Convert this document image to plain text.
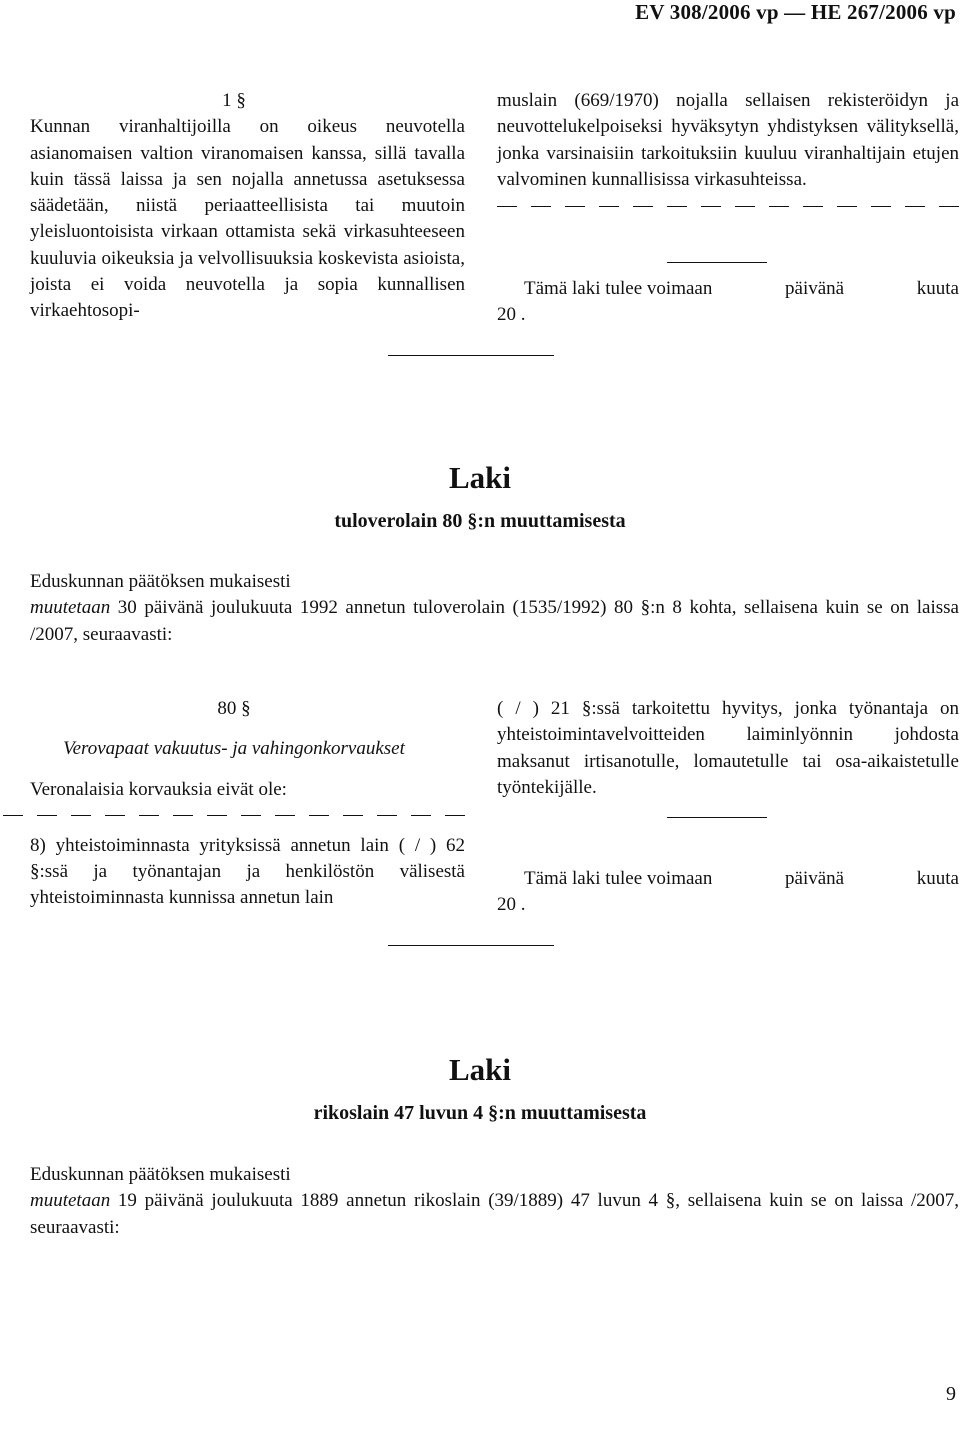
EV 308/2006 vp — HE 267/2006 vp
1 §
Kunnan viranhaltijoilla on oikeus neuvotella asianomaisen valtion viranomaisen kanssa, sillä tavalla kuin tässä laissa ja sen nojalla annetussa asetuksessa säädetään, niistä periaatteellisista tai muutoin yleisluontoisista virkaan ottamista sekä virkasuhteeseen kuuluvia oikeuksia ja velvollisuuksia koskevista asioista, joista ei voida neuvotella ja sopia kunnallisen virkaehtosopi-
muslain (669/1970) nojalla sellaisen rekisteröidyn ja neuvottelukelpoiseksi hyväksytyn yhdistyksen välityksellä, jonka varsinaisiin tarkoituksiin kuuluu viranhaltijain etujen valvominen kunnallisissa virkasuhteissa.
Tämä laki tulee voimaan	päivänä	kuuta
20 .
Laki
tuloverolain 80 §:n muuttamisesta
Eduskunnan päätöksen mukaisesti
muutetaan 30 päivänä joulukuuta 1992 annetun tuloverolain (1535/1992) 80 §:n 8 kohta, sellaisena kuin se on laissa /2007, seuraavasti:
80 §
Verovapaat vakuutus- ja vahingonkorvaukset
Veronalaisia korvauksia eivät ole:
8) yhteistoiminnasta yrityksissä annetun lain ( / ) 62 §:ssä ja työnantajan ja henkilöstön välisestä yhteistoiminnasta kunnissa annetun lain
( / ) 21 §:ssä tarkoitettu hyvitys, jonka työnantaja on yhteistoimintavelvoitteiden laiminlyönnin johdosta maksanut irtisanotulle, lomautetulle tai osa-aikaistetulle työntekijälle.
Tämä laki tulee voimaan	päivänä	kuuta
20 .
Laki
rikoslain 47 luvun 4 §:n muuttamisesta
Eduskunnan päätöksen mukaisesti
muutetaan 19 päivänä joulukuuta 1889 annetun rikoslain (39/1889) 47 luvun 4 §, sellaisena kuin se on laissa /2007, seuraavasti:
9
